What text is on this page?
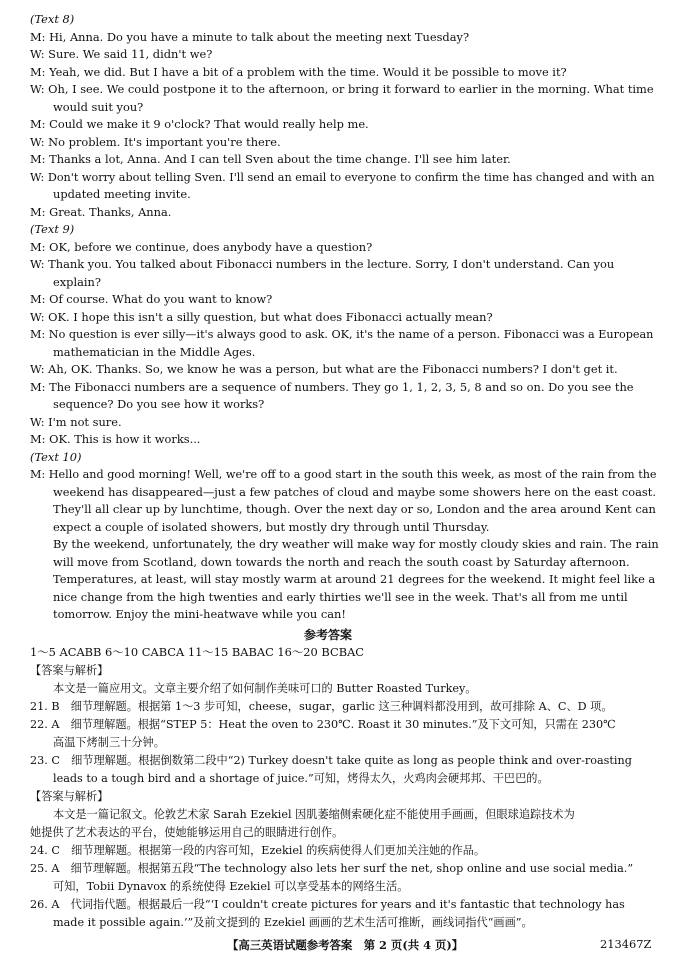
(Text 8)
M: Hi, Anna. Do you have a minute to talk about the meeting next Tuesday?
W: Sure. We said 11, didn't we?
M: Yeah, we did. But I have a bit of a problem with the time. Would it be possible to move it?
W: Oh, I see. We could postpone it to the afternoon, or bring it forward to earlier in the morning. What time
would suit you?
M: Could we make it 9 o'clock? That would really help me.
W: No problem. It's important you're there.
M: Thanks a lot, Anna. And I can tell Sven about the time change. I'll see him later.
W: Don't worry about telling Sven. I'll send an email to everyone to confirm the time has changed and with an
updated meeting invite.
M: Great. Thanks, Anna.
(Text 9)
M: OK, before we continue, does anybody have a question?
W: Thank you. You talked about Fibonacci numbers in the lecture. Sorry, I don't understand. Can you
explain?
M: Of course. What do you want to know?
W: OK. I hope this isn't a silly question, but what does Fibonacci actually mean?
M: No question is ever silly—it's always good to ask. OK, it's the name of a person. Fibonacci was a European
mathematician in the Middle Ages.
W: Ah, OK. Thanks. So, we know he was a person, but what are the Fibonacci numbers? I don't get it.
M: The Fibonacci numbers are a sequence of numbers. They go 1, 1, 2, 3, 5, 8 and so on. Do you see the
sequence? Do you see how it works?
W: I'm not sure.
M: OK. This is how it works...
(Text 10)
M: Hello and good morning! Well, we're off to a good start in the south this week, as most of the rain from the
weekend has disappeared—just a few patches of cloud and maybe some showers here on the east coast.
They'll all clear up by lunchtime, though. Over the next day or so, London and the area around Kent can
expect a couple of isolated showers, but mostly dry through until Thursday.
By the weekend, unfortunately, the dry weather will make way for mostly cloudy skies and rain. The rain
will move from Scotland, down towards the north and reach the south coast by Saturday afternoon.
Temperatures, at least, will stay mostly warm at around 21 degrees for the weekend. It might feel like a
nice change from the high twenties and early thirties we'll see in the week. That's all from me until
tomorrow. Enjoy the mini-heatwave while you can!
参考答案
1～5 ACABB 6～10 CABCA 11～15 BABAC 16～20 BCBAC
【答案与解析】
本文是一篇应用文。文章主要介绍了如何制作美味可口的 Butter Roasted Turkey。
21. B　细节理解题。根据第 1～3 步可知，cheese，sugar，garlic 这三种调料都没用到，故可排除 A、C、D 项。
22. A　细节理解题。根据“STEP 5：Heat the oven to 230℃. Roast it 30 minutes.”及下文可知，只需在 230℃
高温下烤制三十分钟。
23. C　细节理解题。根据倒数第二段中“2) Turkey doesn't take quite as long as people think and over-roasting
leads to a tough bird and a shortage of juice.”可知，烤得太久，火鸡肉会硬邦邦、干巴巴的。
【答案与解析】
本文是一篇记叙文。伦敦艺术家 Sarah Ezekiel 因肌萎缩侧索硬化症不能使用手画画，但眼球追踪技术为
她提供了艺术表达的平台，使她能够运用自己的眼睛进行创作。
24. C　细节理解题。根据第一段的内容可知，Ezekiel 的疾病使得人们更加关注她的作品。
25. A　细节理解题。根据第五段“The technology also lets her surf the net, shop online and use social media.”
可知，Tobii Dynavox 的系统使得 Ezekiel 可以享受基本的网络生活。
26. A　代词指代题。根据最后一段“‘I couldn't create pictures for years and it's fantastic that technology has
made it possible again.’”及前文提到的 Ezekiel 画画的艺术生活可推断，画线词指代“画画”。
【高三英语试题参考答案　第 2 页(共 4 页)】	213467Z
